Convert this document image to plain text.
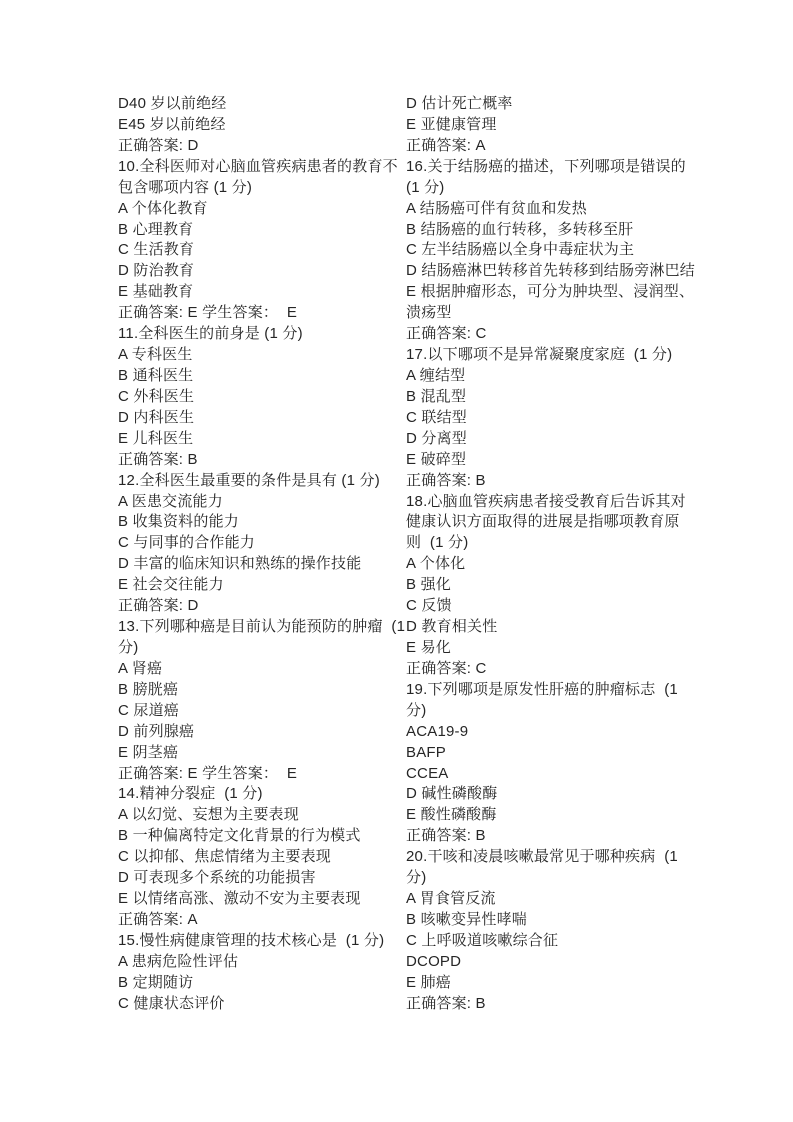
D40 岁以前绝经
E45 岁以前绝经
正确答案: D
10.全科医师对心脑血管疾病患者的教育不
包含哪项内容 (1 分)
A 个体化教育
B 心理教育
C 生活教育
D 防治教育
E 基础教育
正确答案: E 学生答案：  E
11.全科医生的前身是 (1 分)
A 专科医生
B 通科医生
C 外科医生
D 内科医生
E 儿科医生
正确答案: B
12.全科医生最重要的条件是具有 (1 分)
A 医患交流能力
B 收集资料的能力
C 与同事的合作能力
D 丰富的临床知识和熟练的操作技能
E 社会交往能力
正确答案: D
13.下列哪种癌是目前认为能预防的肿瘤  (1
分)
A 肾癌
B 膀胱癌
C 尿道癌
D 前列腺癌
E 阴茎癌
正确答案: E 学生答案：  E
14.精神分裂症  (1 分)
A 以幻觉、妄想为主要表现
B 一种偏离特定文化背景的行为模式
C 以抑郁、焦虑情绪为主要表现
D 可表现多个系统的功能损害
E 以情绪高涨、激动不安为主要表现
正确答案: A
15.慢性病健康管理的技术核心是  (1 分)
A 患病危险性评估
B 定期随访
C 健康状态评价
D 估计死亡概率
E 亚健康管理
正确答案: A
16.关于结肠癌的描述，下列哪项是错误的
(1 分)
A 结肠癌可伴有贫血和发热
B 结肠癌的血行转移，多转移至肝
C 左半结肠癌以全身中毒症状为主
D 结肠癌淋巴转移首先转移到结肠旁淋巴结
E 根据肿瘤形态，可分为肿块型、浸润型、
溃疡型
正确答案: C
17.以下哪项不是异常凝聚度家庭  (1 分)
A 缠结型
B 混乱型
C 联结型
D 分离型
E 破碎型
正确答案: B
18.心脑血管疾病患者接受教育后告诉其对
健康认识方面取得的进展是指哪项教育原
则  (1 分)
A 个体化
B 强化
C 反馈
D 教育相关性
E 易化
正确答案: C
19.下列哪项是原发性肝癌的肿瘤标志  (1
分)
ACA19-9
BAFP
CCEA
D 碱性磷酸酶
E 酸性磷酸酶
正确答案: B
20.干咳和凌晨咳嗽最常见于哪种疾病  (1
分)
A 胃食管反流
B 咳嗽变异性哮喘
C 上呼吸道咳嗽综合征
DCOPD
E 肺癌
正确答案: B
